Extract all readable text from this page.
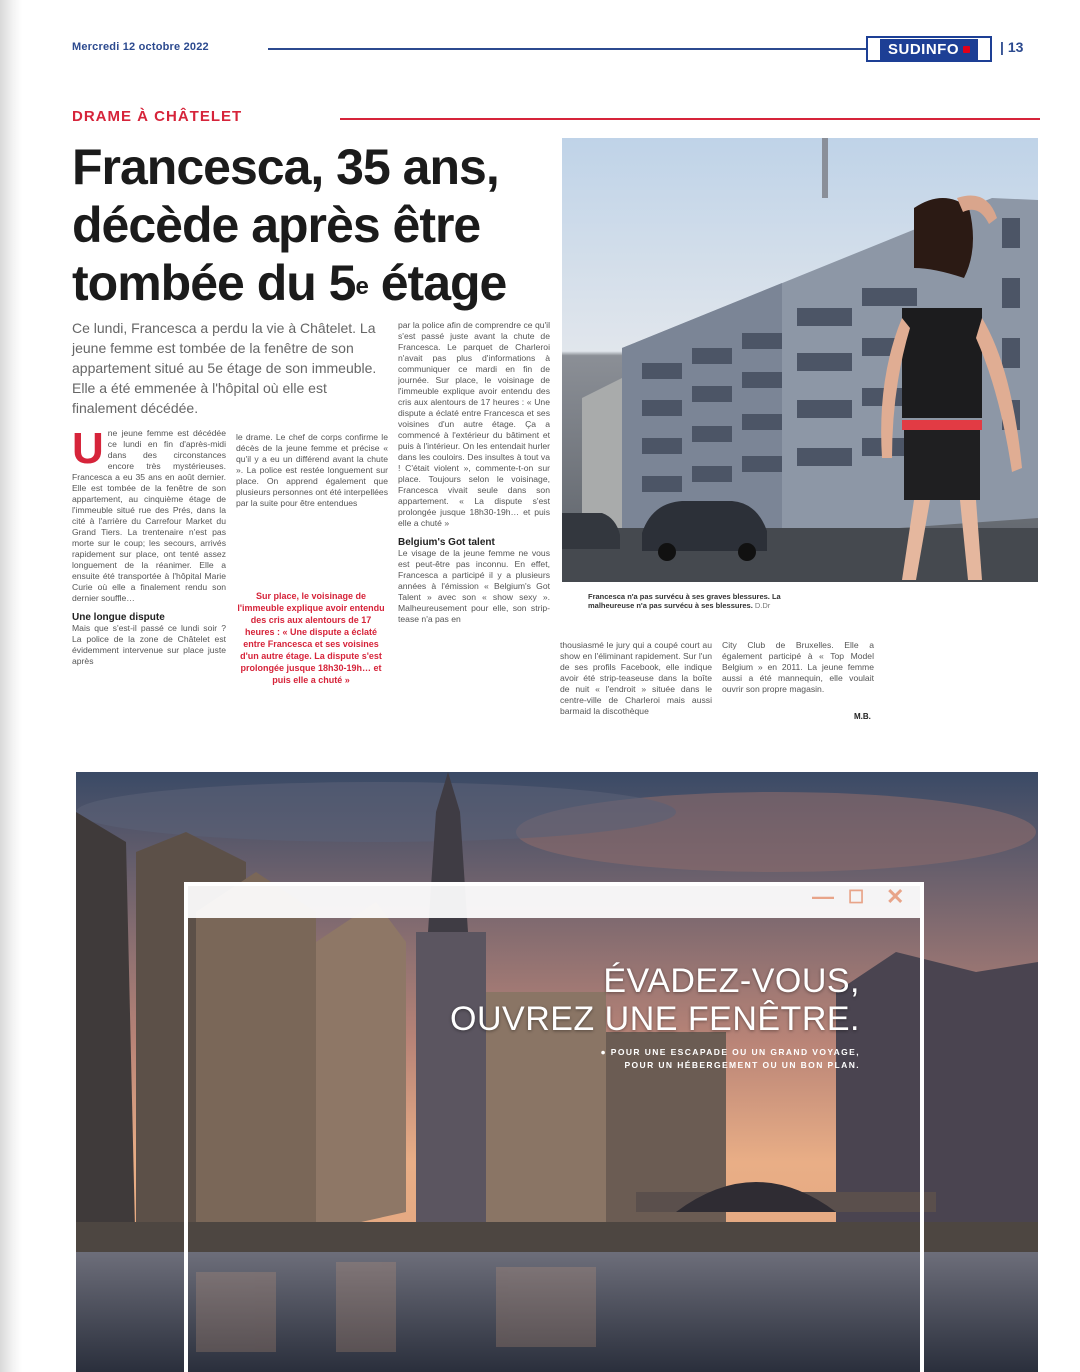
Mercredi 12 octobre 2022	SUDINFO	| 13
DRAME À CHÂTELET
Francesca, 35 ans, décède après être tombée du 5e étage
Ce lundi, Francesca a perdu la vie à Châtelet. La jeune femme est tombée de la fenêtre de son appartement situé au 5e étage de son immeuble. Elle a été emmenée à l'hôpital où elle est finalement décédée.
U ne jeune femme est décédée ce lundi en fin d'après-midi dans des circonstances encore très mystérieuses. Francesca a eu 35 ans en août dernier. Elle est tombée de la fenêtre de son appartement, au cinquième étage de l'immeuble situé rue des Prés, dans la cité à l'arrière du Carrefour Market du Grand Tiers. La trentenaire n'est pas morte sur le coup; les secours, arrivés rapidement sur place, ont tenté assez longuement de la réanimer. Elle a ensuite été transportée à l'hôpital Marie Curie où elle a finalement rendu son dernier souffle…
Une longue dispute
Mais que s'est-il passé ce lundi soir ? La police de la zone de Châtelet est évidemment intervenue sur place juste après
le drame. Le chef de corps confirme le décès de la jeune femme et précise « qu'il y a eu un différend avant la chute ». La police est restée longuement sur place. On apprend également que plusieurs personnes ont été interpellées par la suite pour être entendues
Sur place, le voisinage de l'immeuble explique avoir entendu des cris aux alentours de 17 heures : « Une dispute a éclaté entre Francesca et ses voisines d'un autre étage. La dispute s'est prolongée jusque 18h30-19h… et puis elle a chuté »
par la police afin de comprendre ce qu'il s'est passé juste avant la chute de Francesca. Le parquet de Charleroi n'avait pas plus d'informations à communiquer ce mardi en fin de journée. Sur place, le voisinage de l'immeuble explique avoir entendu des cris aux alentours de 17 heures : « Une dispute a éclaté entre Francesca et ses voisines d'un autre étage. Ça a commencé à l'extérieur du bâtiment et puis à l'intérieur. On les entendait hurler dans les couloirs. Des insultes à tout va ! C'était violent », commente-t-on sur place. Toujours selon le voisinage, Francesca vivait seule dans son appartement. « La dispute s'est prolongée jusque 18h30-19h… et puis elle a chuté »
Belgium's Got talent
Le visage de la jeune femme ne vous est peut-être pas inconnu. En effet, Francesca a participé il y a plusieurs années à l'émission « Belgium's Got Talent » avec son « show sexy ». Malheureusement pour elle, son strip-tease n'a pas en
thousiasmé le jury qui a coupé court au show en l'éliminant rapidement. Sur l'un de ses profils Facebook, elle indique avoir été strip-teaseuse dans la boîte de nuit « l'endroit » située dans le centre-ville de Charleroi mais aussi barmaid la discothèque
City Club de Bruxelles. Elle a également participé à « Top Model Belgium » en 2011. La jeune femme aussi a été mannequin, elle voulait ouvrir son propre magasin.
M.B.
Francesca n'a pas survécu à ses graves blessures. La malheureuse n'a pas survécu à ses blessures. D.Dr
— ☐ ✕
ÉVADEZ-VOUS,
OUVREZ UNE FENÊTRE.
● POUR UNE ESCAPADE OU UN GRAND VOYAGE,
POUR UN HÉBERGEMENT OU UN BON PLAN.
